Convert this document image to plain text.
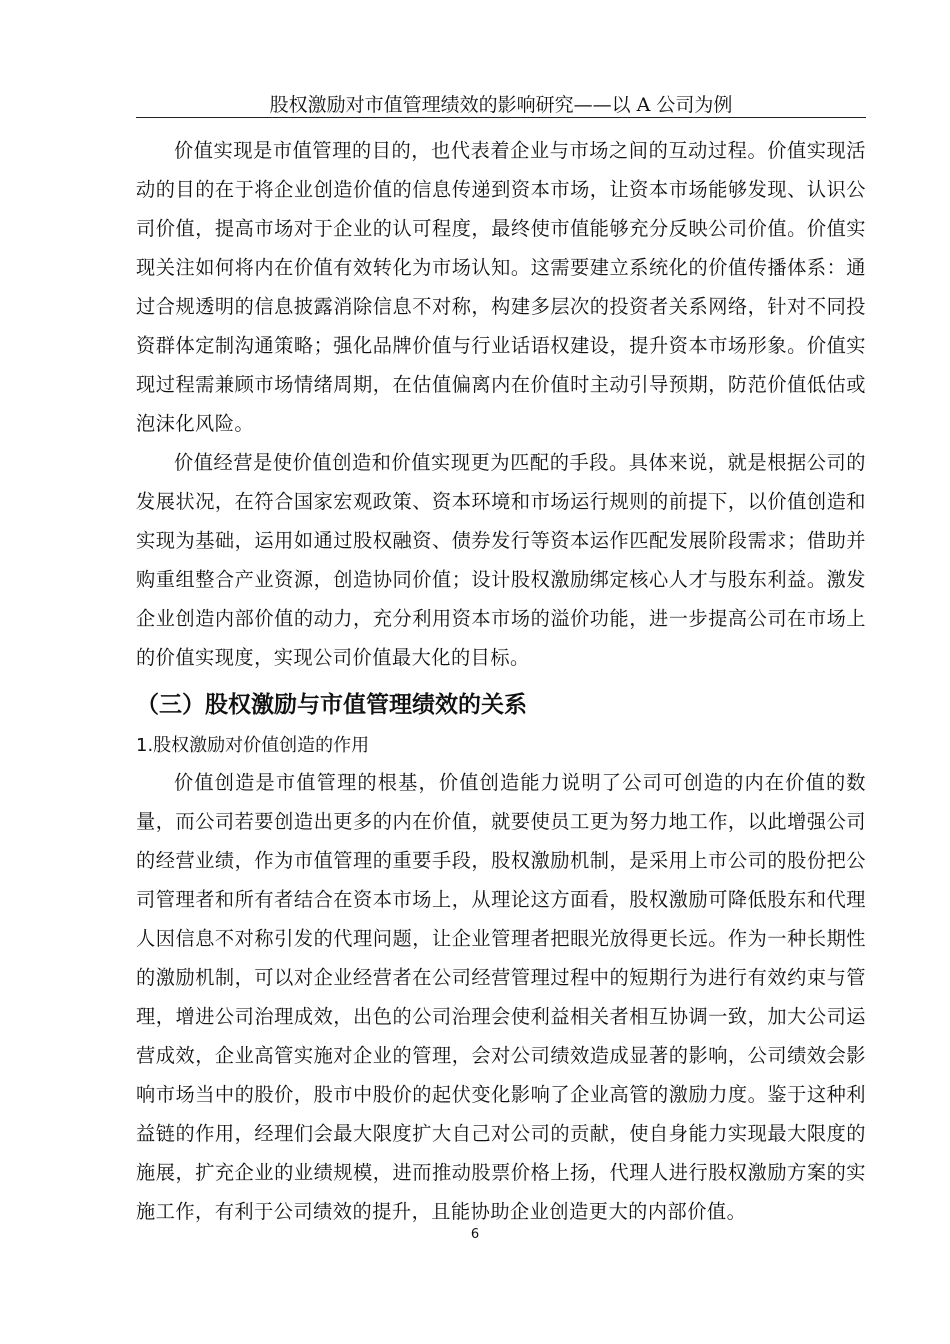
股权激励对市值管理绩效的影响研究——以 A 公司为例

价值实现是市值管理的目的，也代表着企业与市场之间的互动过程。价值实现活动的目的在于将企业创造价值的信息传递到资本市场，让资本市场能够发现、认识公司价值，提高市场对于企业的认可程度，最终使市值能够充分反映公司价值。价值实现关注如何将内在价值有效转化为市场认知。这需要建立系统化的价值传播体系：通过合规透明的信息披露消除信息不对称，构建多层次的投资者关系网络，针对不同投资群体定制沟通策略；强化品牌价值与行业话语权建设，提升资本市场形象。价值实现过程需兼顾市场情绪周期，在估值偏离内在价值时主动引导预期，防范价值低估或泡沫化风险。

价值经营是使价值创造和价值实现更为匹配的手段。具体来说，就是根据公司的发展状况，在符合国家宏观政策、资本环境和市场运行规则的前提下，以价值创造和实现为基础，运用如通过股权融资、债券发行等资本运作匹配发展阶段需求；借助并购重组整合产业资源，创造协同价值；设计股权激励绑定核心人才与股东利益。激发企业创造内部价值的动力，充分利用资本市场的溢价功能，进一步提高公司在市场上的价值实现度，实现公司价值最大化的目标。

（三）股权激励与市值管理绩效的关系
1.股权激励对价值创造的作用

价值创造是市值管理的根基，价值创造能力说明了公司可创造的内在价值的数量，而公司若要创造出更多的内在价值，就要使员工更为努力地工作，以此增强公司的经营业绩，作为市值管理的重要手段，股权激励机制，是采用上市公司的股份把公司管理者和所有者结合在资本市场上，从理论这方面看，股权激励可降低股东和代理人因信息不对称引发的代理问题，让企业管理者把眼光放得更长远。作为一种长期性的激励机制，可以对企业经营者在公司经营管理过程中的短期行为进行有效约束与管理，增进公司治理成效，出色的公司治理会使利益相关者相互协调一致，加大公司运营成效，企业高管实施对企业的管理，会对公司绩效造成显著的影响，公司绩效会影响市场当中的股价，股市中股价的起伏变化影响了企业高管的激励力度。鉴于这种利益链的作用，经理们会最大限度扩大自己对公司的贡献，使自身能力实现最大限度的施展，扩充企业的业绩规模，进而推动股票价格上扬，代理人进行股权激励方案的实施工作，有利于公司绩效的提升，且能协助企业创造更大的内部价值。

6
